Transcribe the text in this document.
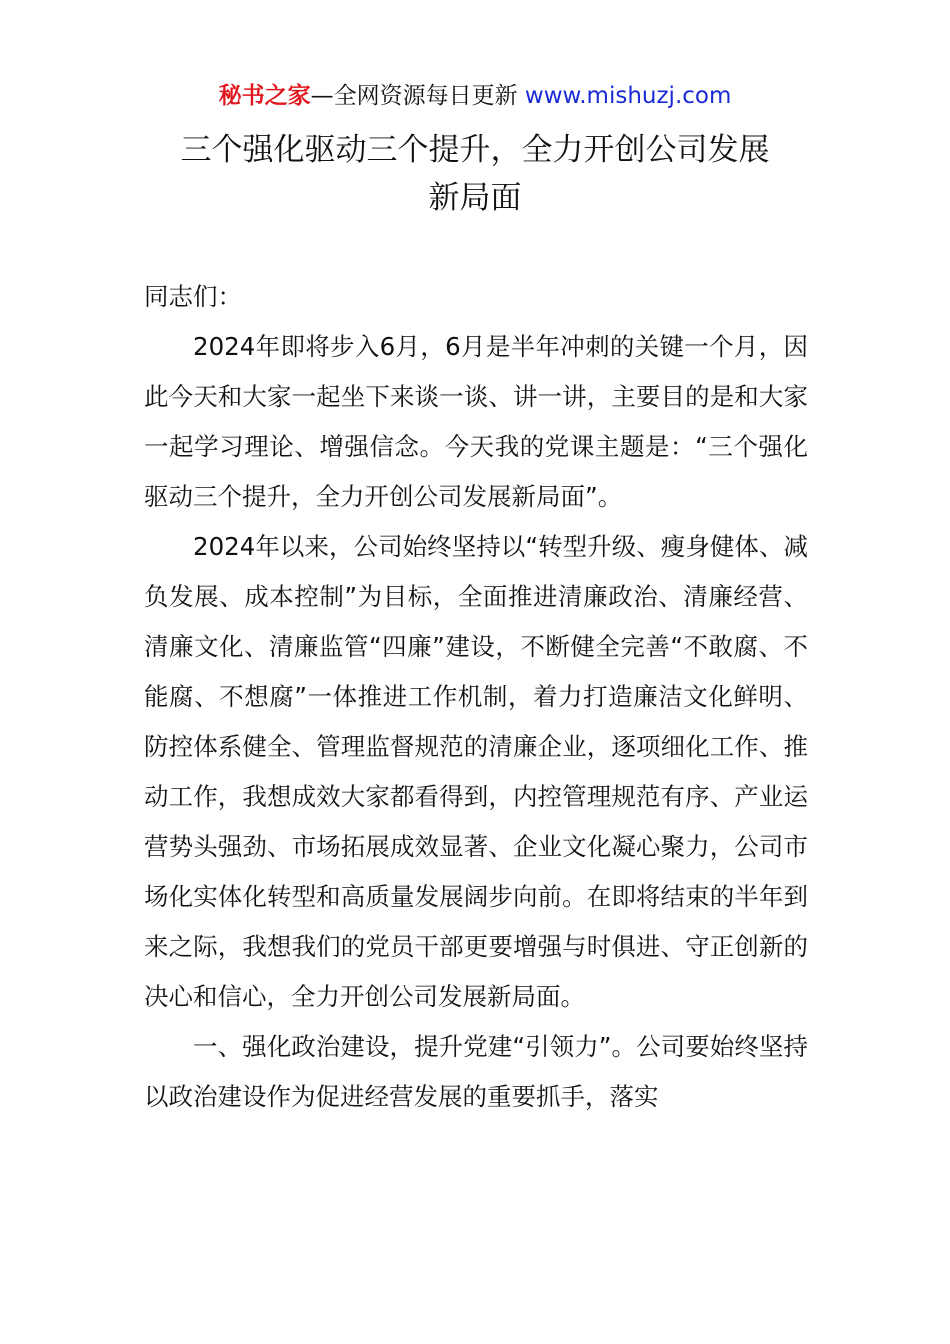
秘书之家—全网资源每日更新 www.mishuzj.com
三个强化驱动三个提升，全力开创公司发展
新局面

同志们：

2024年即将步入6月，6月是半年冲刺的关键一个月，因此今天和大家一起坐下来谈一谈、讲一讲，主要目的是和大家一起学习理论、增强信念。今天我的党课主题是：“三个强化驱动三个提升，全力开创公司发展新局面”。

2024年以来，公司始终坚持以“转型升级、瘦身健体、减负发展、成本控制”为目标，全面推进清廉政治、清廉经营、清廉文化、清廉监管“四廉”建设，不断健全完善“不敢腐、不能腐、不想腐”一体推进工作机制，着力打造廉洁文化鲜明、防控体系健全、管理监督规范的清廉企业，逐项细化工作、推动工作，我想成效大家都看得到，内控管理规范有序、产业运营势头强劲、市场拓展成效显著、企业文化凝心聚力，公司市场化实体化转型和高质量发展阔步向前。在即将结束的半年到来之际，我想我们的党员干部更要增强与时俱进、守正创新的决心和信心，全力开创公司发展新局面。

一、强化政治建设，提升党建“引领力”。公司要始终坚持以政治建设作为促进经营发展的重要抓手，落实
